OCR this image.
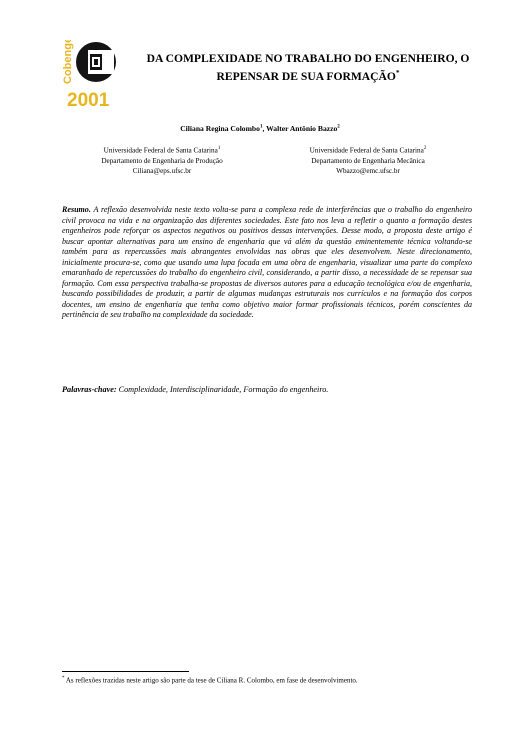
Cobenge
2001
DA COMPLEXIDADE NO TRABALHO DO ENGENHEIRO, O
REPENSAR DE SUA FORMAÇÃO*
Ciliana Regina Colombo$^1$, Walter Antônio Bazzo$^2$
Universidade Federal de Santa Catarina$^1$
Departamento de Engenharia de Produção
Ciliana@eps.ufsc.br
Universidade Federal de Santa Catarina$^2$
Departamento de Engenharia Mecânica
Wbazzo@emc.ufsc.br
Resumo. A reflexão desenvolvida neste texto volta-se para a complexa rede de interferências que o trabalho do engenheiro civil provoca na vida e na organização das diferentes sociedades. Este fato nos leva a refletir o quanto a formação destes engenheiros pode reforçar os aspectos negativos ou positivos dessas intervenções. Desse modo, a proposta deste artigo é buscar apontar alternativas para um ensino de engenharia que vá além da questão eminentemente técnica voltando-se também para as repercussões mais abrangentes envolvidas nas obras que eles desenvolvem. Neste direcionamento, inicialmente procura-se, como que usando uma lupa focada em uma obra de engenharia, visualizar uma parte do complexo emaranhado de repercussões do trabalho do engenheiro civil, considerando, a partir disso, a necessidade de se repensar sua formação. Com essa perspectiva trabalha-se propostas de diversos autores para a educação tecnológica e/ou de engenharia, buscando possibilidades de produzir, a partir de algumas mudanças estruturais nos currículos e na formação dos corpos docentes, um ensino de engenharia que tenha como objetivo maior formar profissionais técnicos, porém conscientes da pertinência de seu trabalho na complexidade da sociedade.
Palavras-chave: Complexidade, Interdisciplinaridade, Formação do engenheiro.
* As reflexões trazidas neste artigo são parte da tese de Ciliana R. Colombo, em fase de desenvolvimento.
